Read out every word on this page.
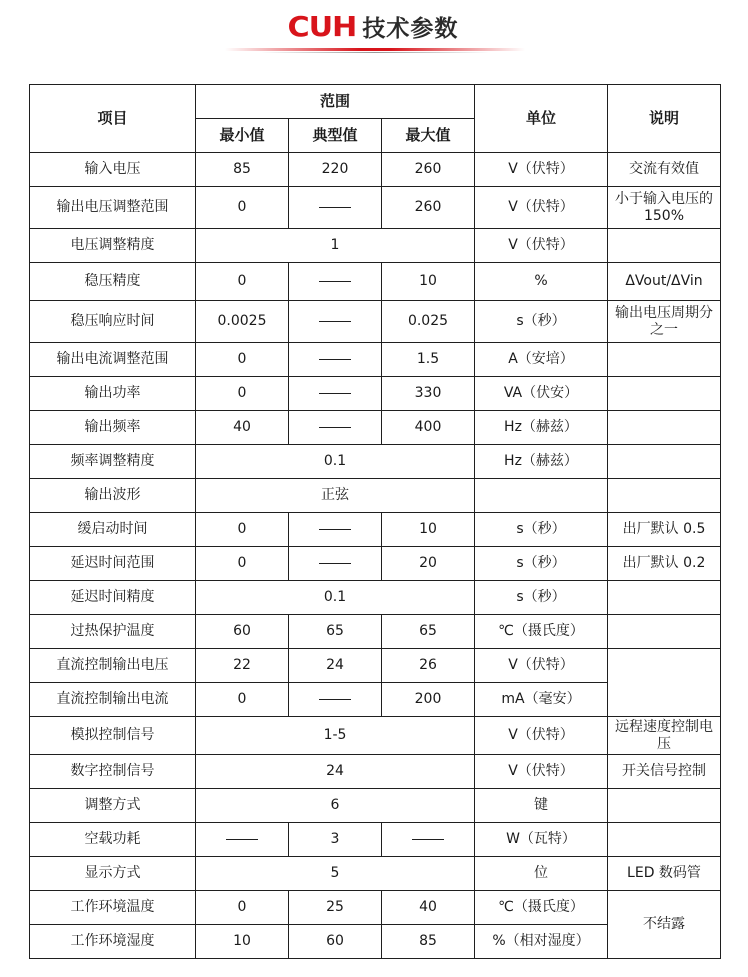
CUH 技术参数
项目	范围			单位	说明
	最小值	典型值	最大值		
输入电压	85	220	260	V（伏特）	交流有效值
输出电压调整范围	0		260	V（伏特）	小于输入电压的 150%
电压调整精度	1			V（伏特）	
稳压精度	0		10	%	ΔVout/ΔVin
稳压响应时间	0.0025		0.025	s（秒）	输出电压周期分之一
输出电流调整范围	0		1.5	A（安培）	
输出功率	0		330	VA（伏安）	
输出频率	40		400	Hz（赫兹）	
频率调整精度	0.1			Hz（赫兹）	
输出波形	正弦				
缓启动时间	0		10	s（秒）	出厂默认 0.5
延迟时间范围	0		20	s（秒）	出厂默认 0.2
延迟时间精度	0.1			s（秒）	
过热保护温度	60	65	65	℃（摄氏度）	
直流控制输出电压	22	24	26	V（伏特）	
直流控制输出电流	0		200	mA（毫安）	
模拟控制信号	1-5			V（伏特）	远程速度控制电压
数字控制信号	24			V（伏特）	开关信号控制
调整方式	6			键	
空载功耗		3		W（瓦特）	
显示方式	5			位	LED 数码管
工作环境温度	0	25	40	℃（摄氏度）	不结露
工作环境湿度	10	60	85	%（相对湿度）	
